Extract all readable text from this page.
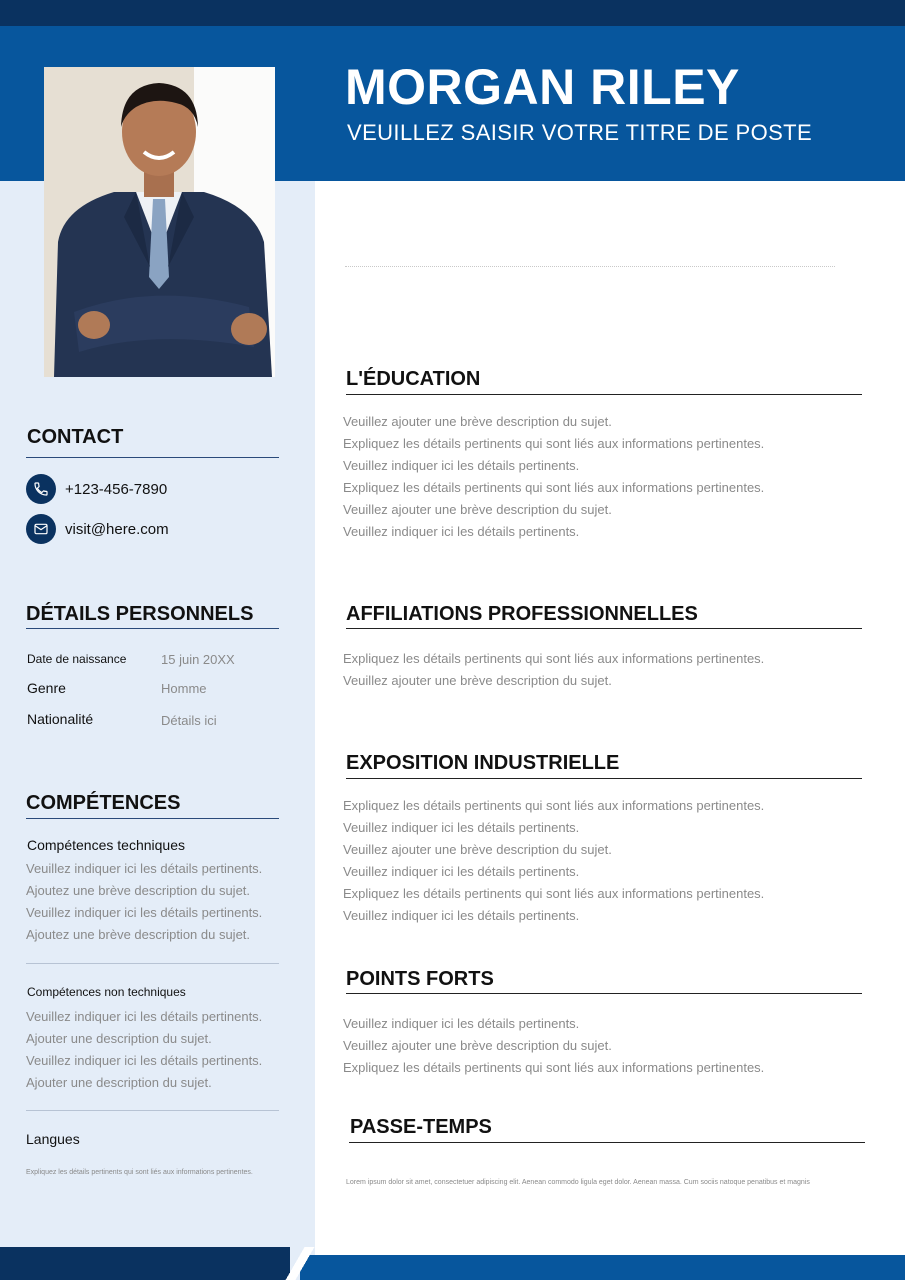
MORGAN RILEY
VEUILLEZ SAISIR VOTRE TITRE DE POSTE
CONTACT
+123-456-7890
visit@here.com
DÉTAILS PERSONNELS
Date de naissance	15 juin 20XX
Genre	Homme
Nationalité	Détails ici
COMPÉTENCES
Compétences techniques
Veuillez indiquer ici les détails pertinents.
Ajoutez une brève description du sujet.
Veuillez indiquer ici les détails pertinents.
Ajoutez une brève description du sujet.
Compétences non techniques
Veuillez indiquer ici les détails pertinents.
Ajouter une description du sujet.
Veuillez indiquer ici les détails pertinents.
Ajouter une description du sujet.
Langues
Expliquez les détails pertinents qui sont liés aux informations pertinentes.
L'ÉDUCATION
Veuillez ajouter une brève description du sujet.
Expliquez les détails pertinents qui sont liés aux informations pertinentes.
Veuillez indiquer ici les détails pertinents.
Expliquez les détails pertinents qui sont liés aux informations pertinentes.
Veuillez ajouter une brève description du sujet.
Veuillez indiquer ici les détails pertinents.
AFFILIATIONS PROFESSIONNELLES
Expliquez les détails pertinents qui sont liés aux informations pertinentes.
Veuillez ajouter une brève description du sujet.
EXPOSITION INDUSTRIELLE
Expliquez les détails pertinents qui sont liés aux informations pertinentes.
Veuillez indiquer ici les détails pertinents.
Veuillez ajouter une brève description du sujet.
Veuillez indiquer ici les détails pertinents.
Expliquez les détails pertinents qui sont liés aux informations pertinentes.
Veuillez indiquer ici les détails pertinents.
POINTS FORTS
Veuillez indiquer ici les détails pertinents.
Veuillez ajouter une brève description du sujet.
Expliquez les détails pertinents qui sont liés aux informations pertinentes.
PASSE-TEMPS
Lorem ipsum dolor sit amet, consectetuer adipiscing elit. Aenean commodo ligula eget dolor. Aenean massa. Cum sociis natoque penatibus et magnis
